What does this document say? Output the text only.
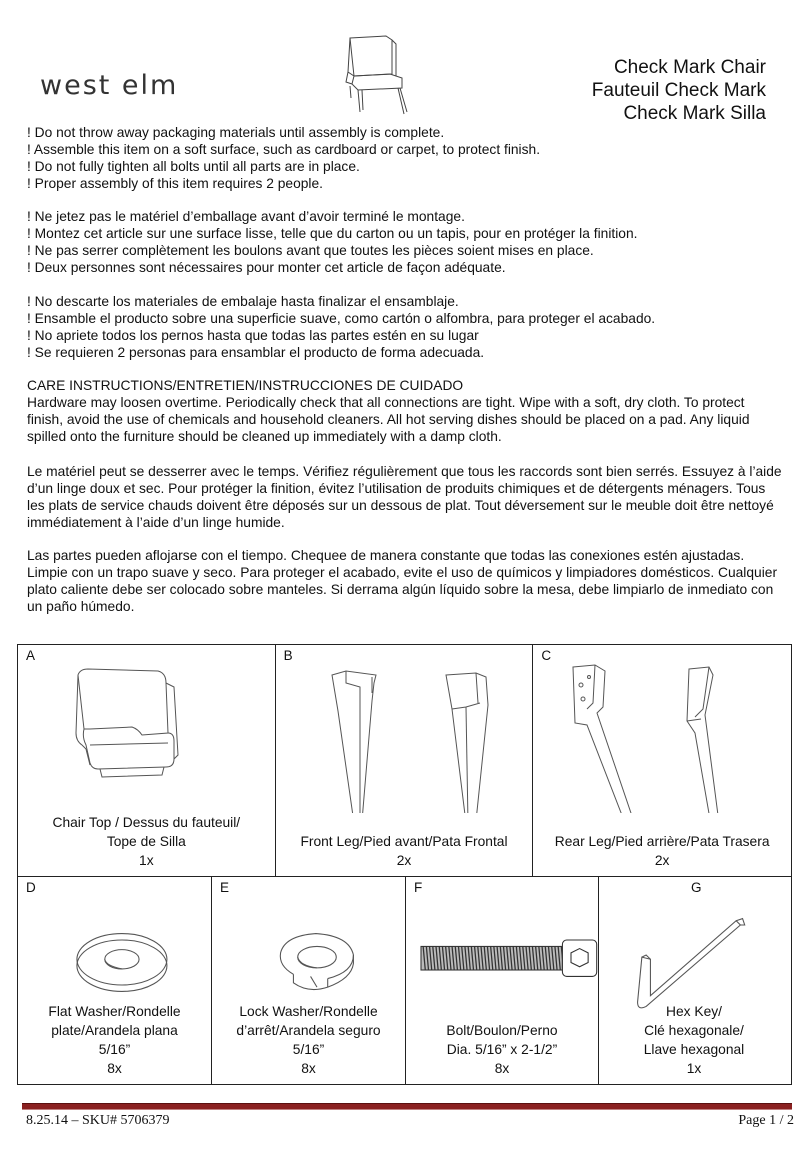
west elm
Check Mark Chair
Fauteuil Check Mark
Check Mark Silla

! Do not throw away packaging materials until assembly is complete.

! Assemble this item on a soft surface, such as cardboard or carpet, to protect finish.

! Do not fully tighten all bolts until all parts are in place.

! Proper assembly of this item requires 2 people.

! Ne jetez pas le matériel d’emballage avant d’avoir terminé le montage.

! Montez cet article sur une surface lisse, telle que du carton ou un tapis, pour en protéger la finition.

! Ne pas serrer complètement les boulons avant que toutes les pièces soient mises en place.

! Deux personnes sont nécessaires pour monter cet article de façon adéquate.

! No descarte los materiales de embalaje hasta finalizar el ensamblaje.

! Ensamble el producto sobre una superficie suave, como cartón o alfombra, para proteger el acabado.

! No apriete todos los pernos hasta que todas las partes estén en su lugar

! Se requieren 2 personas para ensamblar el producto de forma adecuada.

CARE INSTRUCTIONS/ENTRETIEN/INSTRUCCIONES DE CUIDADO

Hardware may loosen overtime. Periodically check that all connections are tight. Wipe with a soft, dry cloth. To protect finish, avoid the use of chemicals and household cleaners. All hot serving dishes should be placed on a pad. Any liquid spilled onto the furniture should be cleaned up immediately with a damp cloth.

Le matériel peut se desserrer avec le temps. Vérifiez régulièrement que tous les raccords sont bien serrés. Essuyez à l’aide d’un linge doux et sec. Pour protéger la finition, évitez l’utilisation de produits chimiques et de détergents ménagers. Tous les plats de service chauds doivent être déposés sur un dessous de plat. Tout déversement sur le meuble doit être nettoyé immédiatement à l’aide d’un linge humide.

Las partes pueden aflojarse con el tiempo. Chequee de manera constante que todas las conexiones estén ajustadas. Limpie con un trapo suave y seco. Para proteger el acabado, evite el uso de químicos y limpiadores domésticos. Cualquier plato caliente debe ser colocado sobre manteles. Si derrama algún líquido sobre la mesa, debe limpiarlo de inmediato con un paño húmedo.

A
Chair Top / Dessus du fauteuil/
Tope de Silla
1x
B
Front Leg/Pied avant/Pata Frontal
2x
C
Rear Leg/Pied arrière/Pata Trasera
2x
D
Flat Washer/Rondelle
plate/Arandela plana
5/16”
8x
E
Lock Washer/Rondelle
d’arrêt/Arandela seguro
5/16”
8x
F
Bolt/Boulon/Perno
Dia. 5/16” x 2-1/2”
8x
G
Hex Key/
Clé hexagonale/
Llave hexagonal
1x
8.25.14 – SKU# 5706379	Page 1 / 2
